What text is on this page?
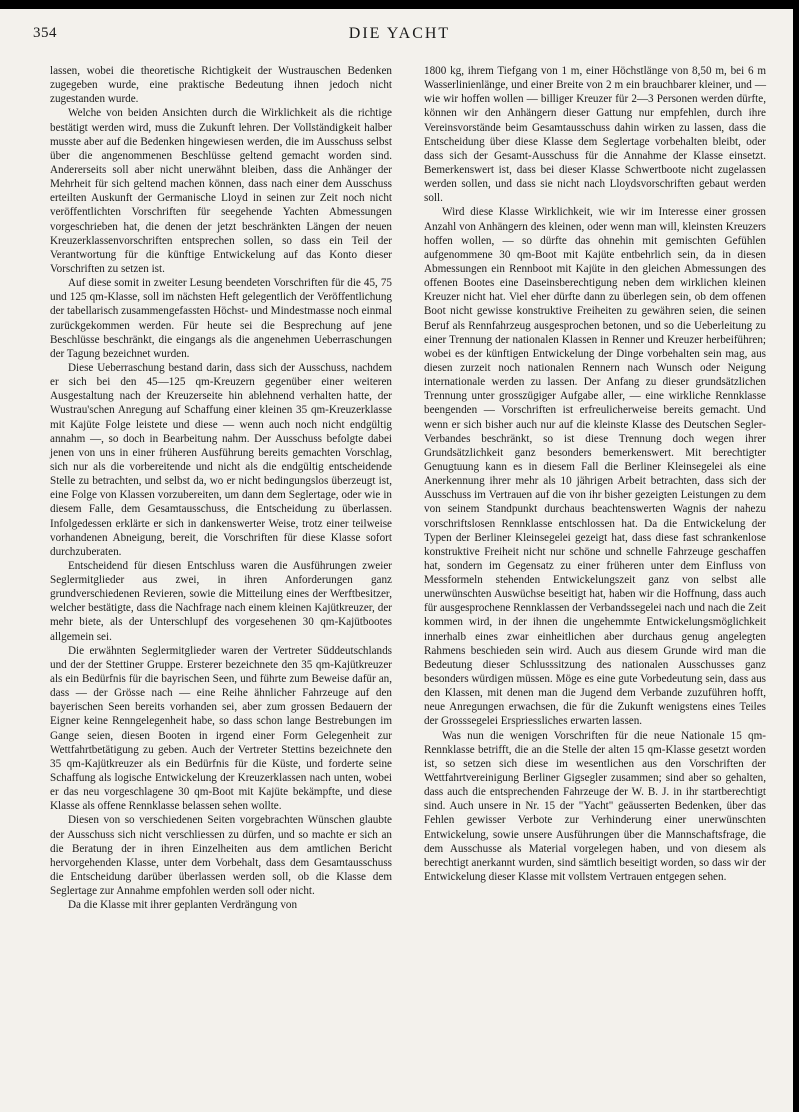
354	DIE YACHT

lassen, wobei die theoretische Richtigkeit der Wustrauschen Bedenken zugegeben wurde, eine praktische Bedeutung ihnen jedoch nicht zugestanden wurde.

Welche von beiden Ansichten durch die Wirklichkeit als die richtige bestätigt werden wird, muss die Zukunft lehren. Der Vollständigkeit halber musste aber auf die Bedenken hingewiesen werden, die im Ausschuss selbst über die angenommenen Beschlüsse geltend gemacht worden sind. Andererseits soll aber nicht unerwähnt bleiben, dass die Anhänger der Mehrheit für sich geltend machen können, dass nach einer dem Ausschuss erteilten Auskunft der Germanische Lloyd in seinen zur Zeit noch nicht veröffentlichten Vorschriften für seegehende Yachten Abmessungen vorgeschrieben hat, die denen der jetzt beschränkten Längen der neuen Kreuzerklassenvorschriften entsprechen sollen, so dass ein Teil der Verantwortung für die künftige Entwickelung auf das Konto dieser Vorschriften zu setzen ist.

Auf diese somit in zweiter Lesung beendeten Vorschriften für die 45, 75 und 125 qm-Klasse, soll im nächsten Heft gelegentlich der Veröffentlichung der tabellarisch zusammengefassten Höchst- und Mindestmasse noch einmal zurückgekommen werden. Für heute sei die Besprechung auf jene Beschlüsse beschränkt, die eingangs als die angenehmen Ueberraschungen der Tagung bezeichnet wurden.

Diese Ueberraschung bestand darin, dass sich der Ausschuss, nachdem er sich bei den 45—125 qm-Kreuzern gegenüber einer weiteren Ausgestaltung nach der Kreuzerseite hin ablehnend verhalten hatte, der Wustrau'schen Anregung auf Schaffung einer kleinen 35 qm-Kreuzerklasse mit Kajüte Folge leistete und diese — wenn auch noch nicht endgültig annahm —, so doch in Bearbeitung nahm. Der Ausschuss befolgte dabei jenen von uns in einer früheren Ausführung bereits gemachten Vorschlag, sich nur als die vorbereitende und nicht als die endgültig entscheidende Stelle zu betrachten, und selbst da, wo er nicht bedingungslos überzeugt ist, eine Folge von Klassen vorzubereiten, um dann dem Seglertage, oder wie in diesem Falle, dem Gesamtausschuss, die Entscheidung zu überlassen. Infolgedessen erklärte er sich in dankenswerter Weise, trotz einer teilweise vorhandenen Abneigung, bereit, die Vorschriften für diese Klasse sofort durchzuberaten.

Entscheidend für diesen Entschluss waren die Ausführungen zweier Seglermitglieder aus zwei, in ihren Anforderungen ganz grundverschiedenen Revieren, sowie die Mitteilung eines der Werftbesitzer, welcher bestätigte, dass die Nachfrage nach einem kleinen Kajütkreuzer, der mehr biete, als der Unterschlupf des vorgesehenen 30 qm-Kajütbootes allgemein sei.

Die erwähnten Seglermitglieder waren der Vertreter Süddeutschlands und der der Stettiner Gruppe. Ersterer bezeichnete den 35 qm-Kajütkreuzer als ein Bedürfnis für die bayrischen Seen, und führte zum Beweise dafür an, dass — der Grösse nach — eine Reihe ähnlicher Fahrzeuge auf den bayerischen Seen bereits vorhanden sei, aber zum grossen Bedauern der Eigner keine Renngelegenheit habe, so dass schon lange Bestrebungen im Gange seien, diesen Booten in irgend einer Form Gelegenheit zur Wettfahrtbetätigung zu geben. Auch der Vertreter Stettins bezeichnete den 35 qm-Kajütkreuzer als ein Bedürfnis für die Küste, und forderte seine Schaffung als logische Entwickelung der Kreuzerklassen nach unten, wobei er das neu vorgeschlagene 30 qm-Boot mit Kajüte bekämpfte, und diese Klasse als offene Rennklasse belassen sehen wollte.

Diesen von so verschiedenen Seiten vorgebrachten Wünschen glaubte der Ausschuss sich nicht verschliessen zu dürfen, und so machte er sich an die Beratung der in ihren Einzelheiten aus dem amtlichen Bericht hervorgehenden Klasse, unter dem Vorbehalt, dass dem Gesamtausschuss die Entscheidung darüber überlassen werden soll, ob die Klasse dem Seglertage zur Annahme empfohlen werden soll oder nicht.

Da die Klasse mit ihrer geplanten Verdrängung von

1800 kg, ihrem Tiefgang von 1 m, einer Höchstlänge von 8,50 m, bei 6 m Wasserlinienlänge, und einer Breite von 2 m ein brauchbarer kleiner, und — wie wir hoffen wollen — billiger Kreuzer für 2—3 Personen werden dürfte, können wir den Anhängern dieser Gattung nur empfehlen, durch ihre Vereinsvorstände beim Gesamtausschuss dahin wirken zu lassen, dass die Entscheidung über diese Klasse dem Seglertage vorbehalten bleibt, oder dass sich der Gesamt-Ausschuss für die Annahme der Klasse einsetzt. Bemerkenswert ist, dass bei dieser Klasse Schwertboote nicht zugelassen werden sollen, und dass sie nicht nach Lloydsvorschriften gebaut werden soll.

Wird diese Klasse Wirklichkeit, wie wir im Interesse einer grossen Anzahl von Anhängern des kleinen, oder wenn man will, kleinsten Kreuzers hoffen wollen, — so dürfte das ohnehin mit gemischten Gefühlen aufgenommene 30 qm-Boot mit Kajüte entbehrlich sein, da in diesen Abmessungen ein Rennboot mit Kajüte in den gleichen Abmessungen des offenen Bootes eine Daseinsberechtigung neben dem wirklichen kleinen Kreuzer nicht hat. Viel eher dürfte dann zu überlegen sein, ob dem offenen Boot nicht gewisse konstruktive Freiheiten zu gewähren seien, die seinen Beruf als Rennfahrzeug ausgesprochen betonen, und so die Ueberleitung zu einer Trennung der nationalen Klassen in Renner und Kreuzer herbeiführen; wobei es der künftigen Entwickelung der Dinge vorbehalten sein mag, aus diesen zurzeit noch nationalen Rennern nach Wunsch oder Neigung internationale werden zu lassen. Der Anfang zu dieser grundsätzlichen Trennung unter grosszügiger Aufgabe aller, — eine wirkliche Rennklasse beengenden — Vorschriften ist erfreulicherweise bereits gemacht. Und wenn er sich bisher auch nur auf die kleinste Klasse des Deutschen Segler-Verbandes beschränkt, so ist diese Trennung doch wegen ihrer Grundsätzlichkeit ganz besonders bemerkenswert. Mit berechtigter Genugtuung kann es in diesem Fall die Berliner Kleinsegelei als eine Anerkennung ihrer mehr als 10 jährigen Arbeit betrachten, dass sich der Ausschuss im Vertrauen auf die von ihr bisher gezeigten Leistungen zu dem von seinem Standpunkt durchaus beachtenswerten Wagnis der nahezu vorschriftslosen Rennklasse entschlossen hat. Da die Entwickelung der Typen der Berliner Kleinsegelei gezeigt hat, dass diese fast schrankenlose konstruktive Freiheit nicht nur schöne und schnelle Fahrzeuge geschaffen hat, sondern im Gegensatz zu einer früheren unter dem Einfluss von Messformeln stehenden Entwickelungszeit ganz von selbst alle unerwünschten Auswüchse beseitigt hat, haben wir die Hoffnung, dass auch für ausgesprochene Rennklassen der Verbandssegelei nach und nach die Zeit kommen wird, in der ihnen die ungehemmte Entwickelungsmöglichkeit innerhalb eines zwar einheitlichen aber durchaus genug angelegten Rahmens beschieden sein wird. Auch aus diesem Grunde wird man die Bedeutung dieser Schlusssitzung des nationalen Ausschusses ganz besonders würdigen müssen. Möge es eine gute Vorbedeutung sein, dass aus den Klassen, mit denen man die Jugend dem Verbande zuzuführen hofft, neue Anregungen erwachsen, die für die Zukunft wenigstens eines Teiles der Grosssegelei Erspriessliches erwarten lassen.

Was nun die wenigen Vorschriften für die neue Nationale 15 qm-Rennklasse betrifft, die an die Stelle der alten 15 qm-Klasse gesetzt worden ist, so setzen sich diese im wesentlichen aus den Vorschriften der Wettfahrtvereinigung Berliner Gigsegler zusammen; sind aber so gehalten, dass auch die entsprechenden Fahrzeuge der W. B. J. in ihr startberechtigt sind. Auch unsere in Nr. 15 der "Yacht" geäusserten Bedenken, über das Fehlen gewisser Verbote zur Verhinderung einer unerwünschten Entwickelung, sowie unsere Ausführungen über die Mannschaftsfrage, die dem Ausschusse als Material vorgelegen haben, und von diesem als berechtigt anerkannt wurden, sind sämtlich beseitigt worden, so dass wir der Entwickelung dieser Klasse mit vollstem Vertrauen entgegen sehen.
